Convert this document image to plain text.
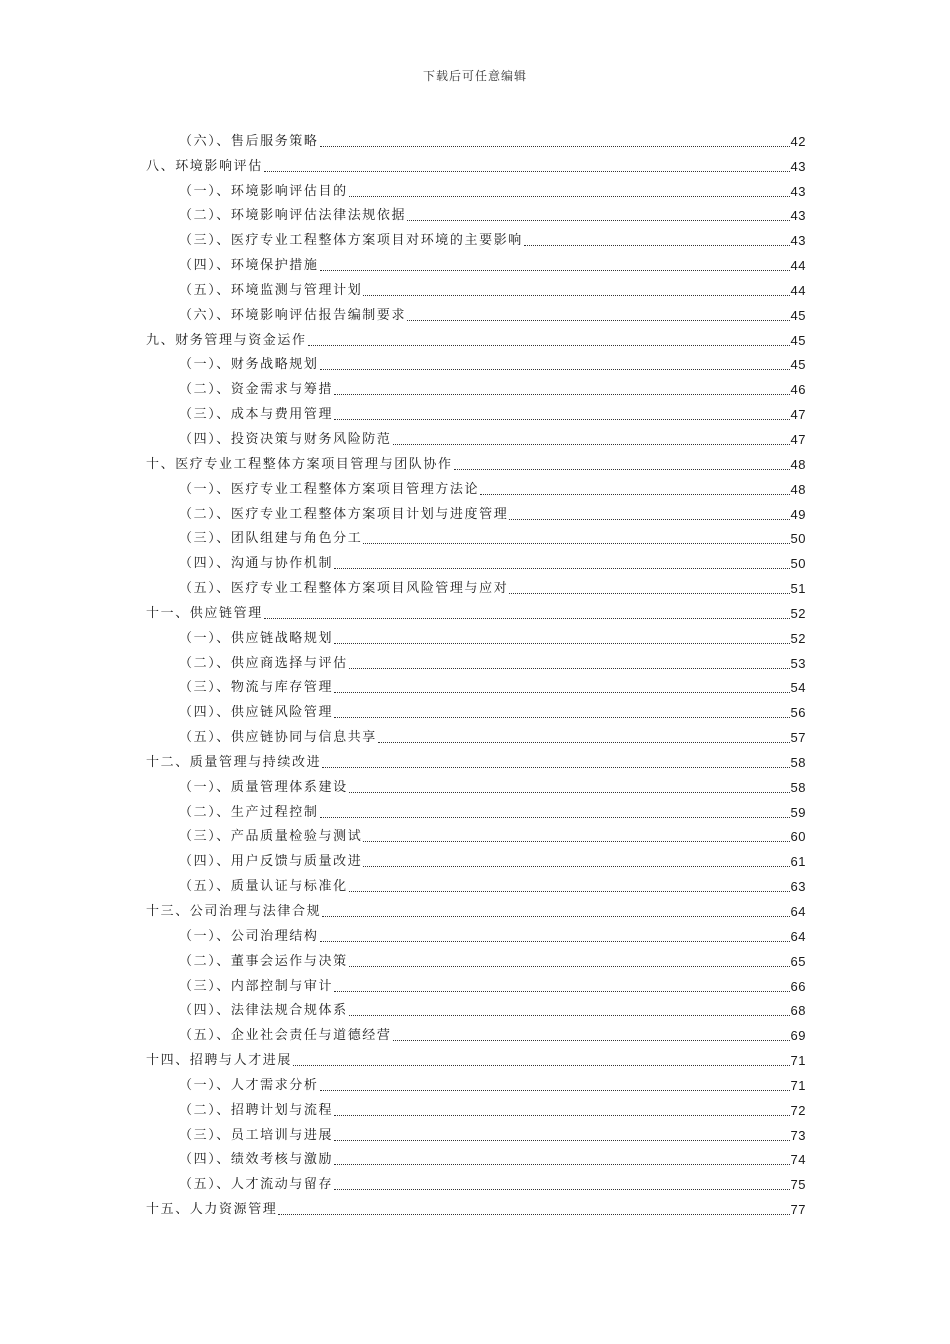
下载后可任意编辑
（六）、售后服务策略	42
八、环境影响评估	43
（一）、环境影响评估目的	43
（二）、环境影响评估法律法规依据	43
（三）、医疗专业工程整体方案项目对环境的主要影响	43
（四）、环境保护措施	44
（五）、环境监测与管理计划	44
（六）、环境影响评估报告编制要求	45
九、财务管理与资金运作	45
（一）、财务战略规划	45
（二）、资金需求与筹措	46
（三）、成本与费用管理	47
（四）、投资决策与财务风险防范	47
十、医疗专业工程整体方案项目管理与团队协作	48
（一）、医疗专业工程整体方案项目管理方法论	48
（二）、医疗专业工程整体方案项目计划与进度管理	49
（三）、团队组建与角色分工	50
（四）、沟通与协作机制	50
（五）、医疗专业工程整体方案项目风险管理与应对	51
十一、供应链管理	52
（一）、供应链战略规划	52
（二）、供应商选择与评估	53
（三）、物流与库存管理	54
（四）、供应链风险管理	56
（五）、供应链协同与信息共享	57
十二、质量管理与持续改进	58
（一）、质量管理体系建设	58
（二）、生产过程控制	59
（三）、产品质量检验与测试	60
（四）、用户反馈与质量改进	61
（五）、质量认证与标准化	63
十三、公司治理与法律合规	64
（一）、公司治理结构	64
（二）、董事会运作与决策	65
（三）、内部控制与审计	66
（四）、法律法规合规体系	68
（五）、企业社会责任与道德经营	69
十四、招聘与人才进展	71
（一）、人才需求分析	71
（二）、招聘计划与流程	72
（三）、员工培训与进展	73
（四）、绩效考核与激励	74
（五）、人才流动与留存	75
十五、人力资源管理	77
